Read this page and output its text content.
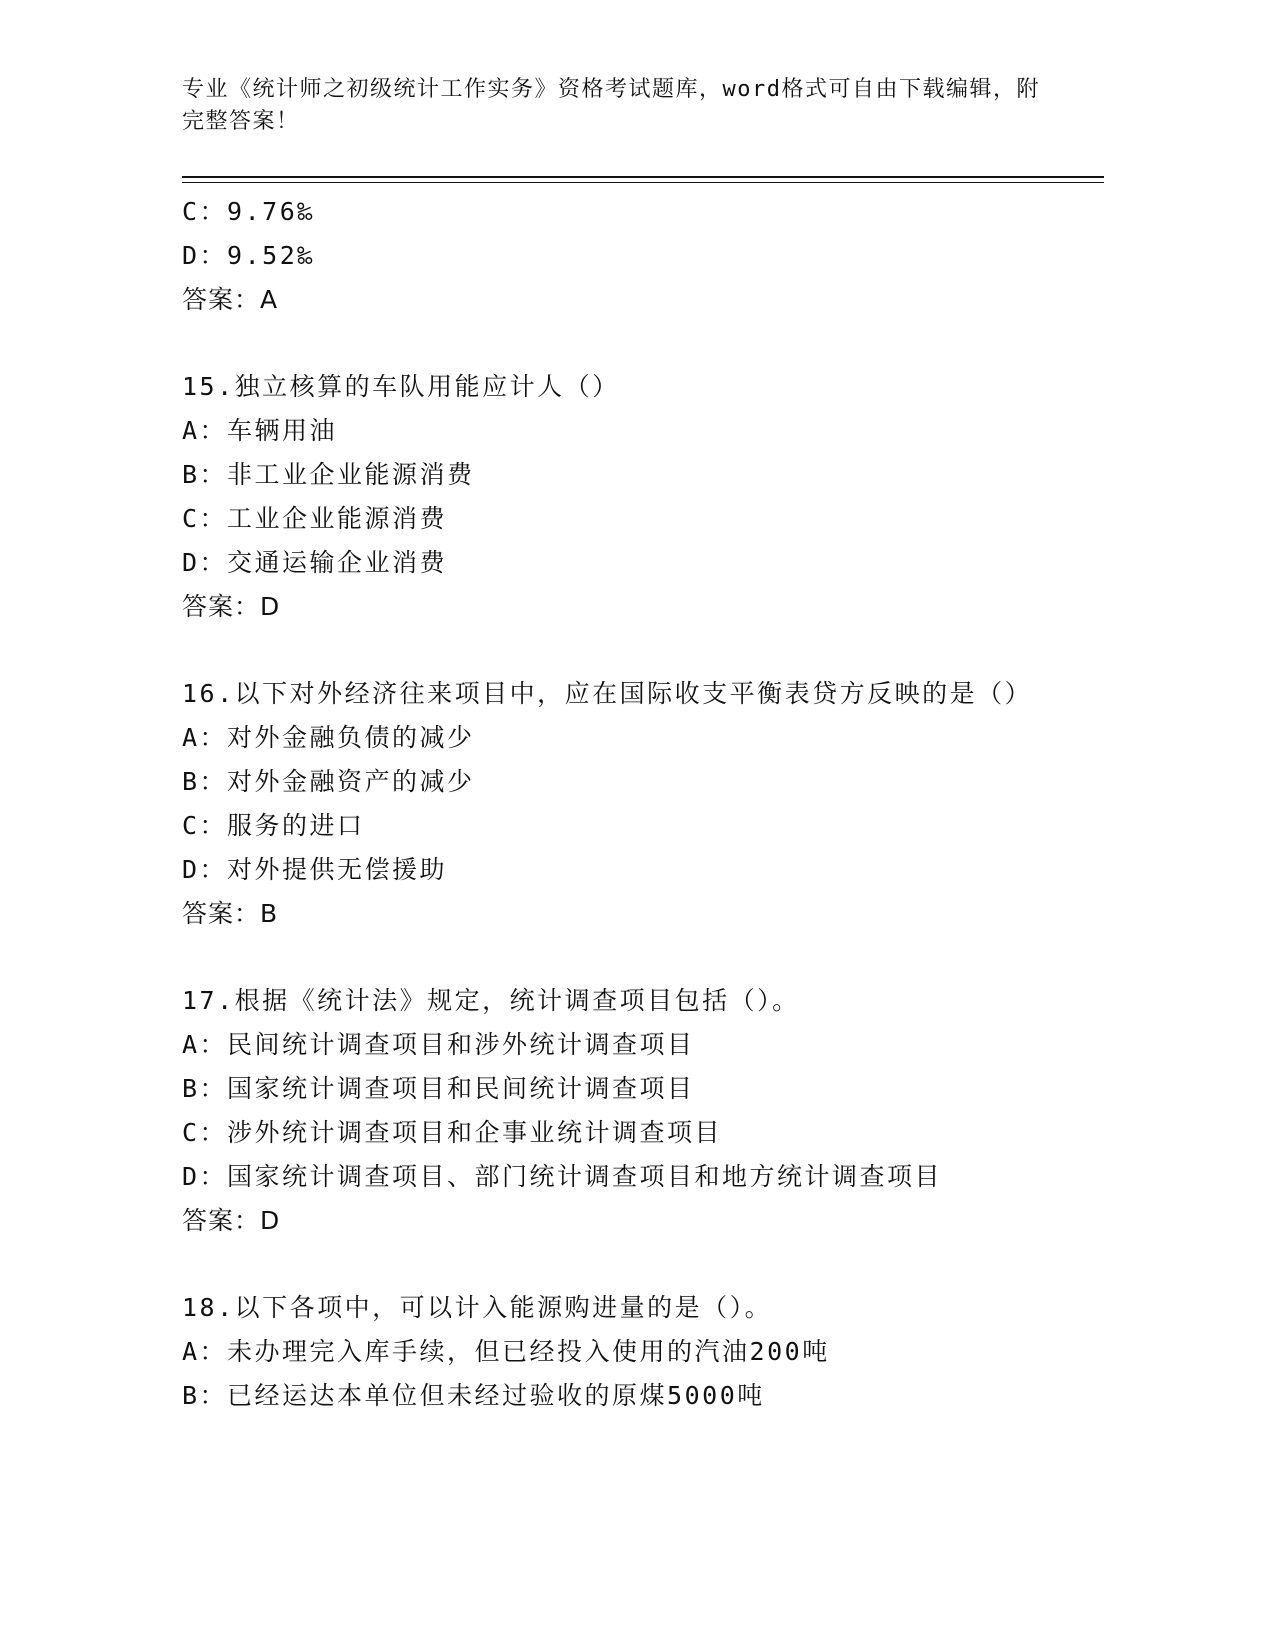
专业《统计师之初级统计工作实务》资格考试题库，word格式可自由下载编辑，附完整答案！
C：9.76‰
D：9.52‰
答案：A
15.独立核算的车队用能应计人（）
A：车辆用油
B：非工业企业能源消费
C：工业企业能源消费
D：交通运输企业消费
答案：D
16.以下对外经济往来项目中，应在国际收支平衡表贷方反映的是（）
A：对外金融负债的减少
B：对外金融资产的减少
C：服务的进口
D：对外提供无偿援助
答案：B
17.根据《统计法》规定，统计调查项目包括（）。
A：民间统计调查项目和涉外统计调查项目
B：国家统计调查项目和民间统计调查项目
C：涉外统计调查项目和企事业统计调查项目
D：国家统计调查项目、部门统计调查项目和地方统计调查项目
答案：D
18.以下各项中，可以计入能源购进量的是（）。
A：未办理完入库手续，但已经投入使用的汽油200吨
B：已经运达本单位但未经过验收的原煤5000吨
